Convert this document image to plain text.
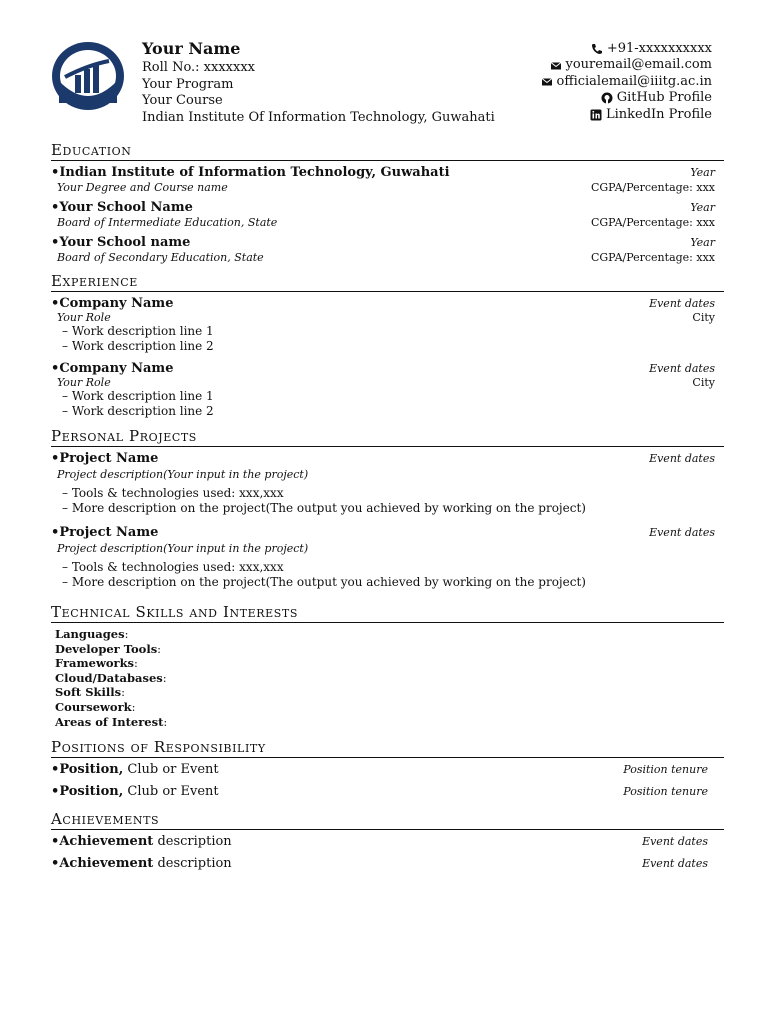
Your Name
Roll No.: xxxxxxx
Your Program
Your Course
Indian Institute Of Information Technology, Guwahati
+91-xxxxxxxxxx
youremail@email.com
officialemail@iiitg.ac.in
GitHub Profile
LinkedIn Profile
Education
•Indian Institute of Information Technology, Guwahati	Year
Your Degree and Course name	CGPA/Percentage: xxx
•Your School Name	Year
Board of Intermediate Education, State	CGPA/Percentage: xxx
•Your School name	Year
Board of Secondary Education, State	CGPA/Percentage: xxx
Experience
•Company Name	Event dates
Your Role	City
– Work description line 1
– Work description line 2
•Company Name	Event dates
Your Role	City
– Work description line 1
– Work description line 2
Personal Projects
•Project Name	Event dates
Project description(Your input in the project)
– Tools & technologies used: xxx,xxx
– More description on the project(The output you achieved by working on the project)
•Project Name	Event dates
Project description(Your input in the project)
– Tools & technologies used: xxx,xxx
– More description on the project(The output you achieved by working on the project)
Technical Skills and Interests
Languages:
Developer Tools:
Frameworks:
Cloud/Databases:
Soft Skills:
Coursework:
Areas of Interest:
Positions of Responsibility
•Position, Club or Event	Position tenure
•Position, Club or Event	Position tenure
Achievements
•Achievement description	Event dates
•Achievement description	Event dates
